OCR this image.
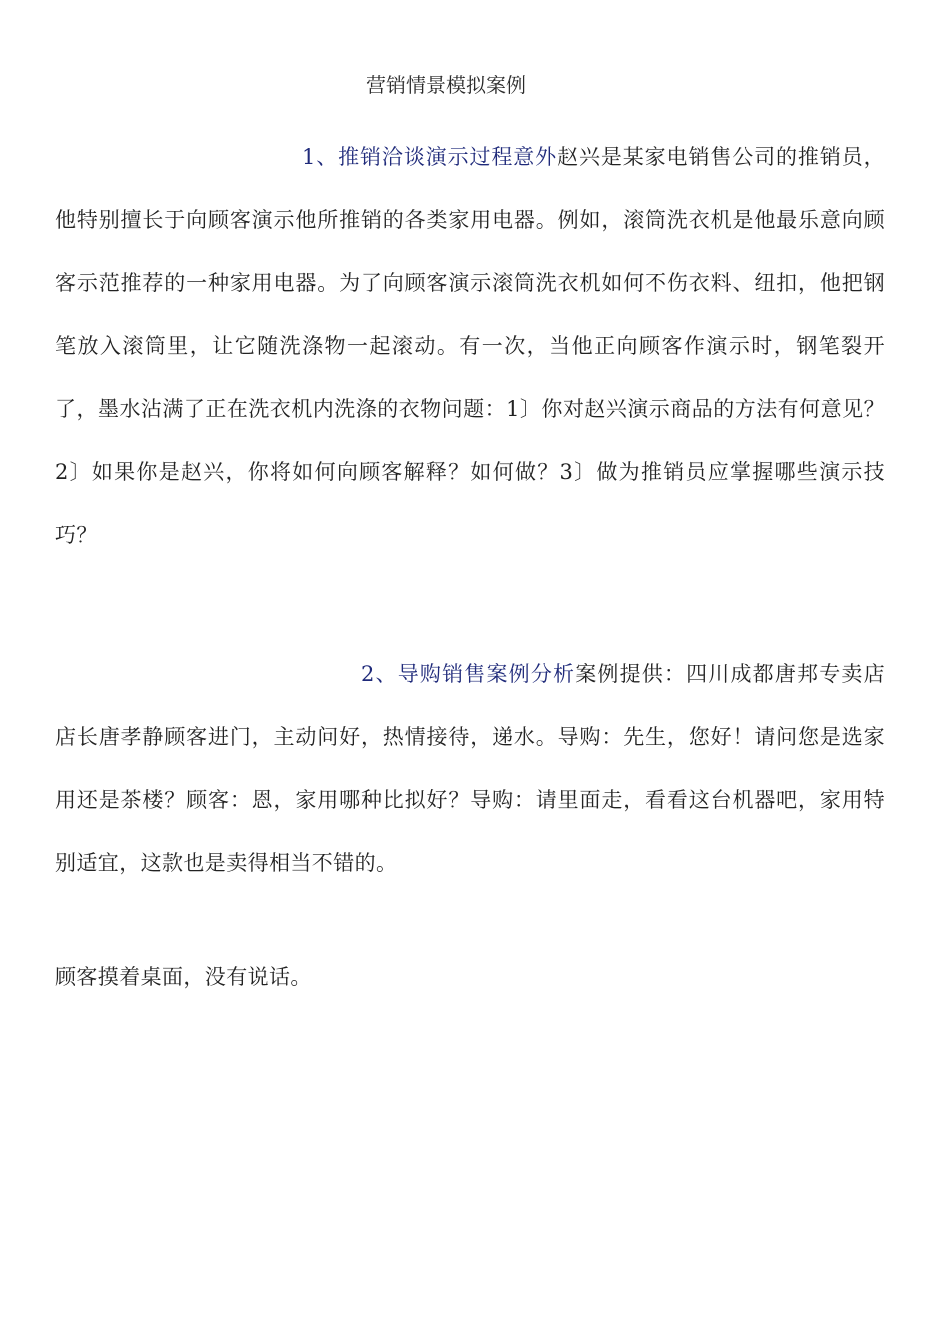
营销情景模拟案例
1、推销洽谈演示过程意外赵兴是某家电销售公司的推销员，他特别擅长于向顾客演示他所推销的各类家用电器。例如，滚筒洗衣机是他最乐意向顾客示范推荐的一种家用电器。为了向顾客演示滚筒洗衣机如何不伤衣料、纽扣，他把钢笔放入滚筒里，让它随洗涤物一起滚动。有一次，当他正向顾客作演示时，钢笔裂开了，墨水沾满了正在洗衣机内洗涤的衣物问题：1〕你对赵兴演示商品的方法有何意见？2〕如果你是赵兴，你将如何向顾客解释？如何做？3〕做为推销员应掌握哪些演示技巧？
2、导购销售案例分析案例提供：四川成都唐邦专卖店店长唐孝静顾客进门，主动问好，热情接待，递水。导购：先生，您好！请问您是选家用还是茶楼？顾客：恩，家用哪种比拟好？导购：请里面走，看看这台机器吧，家用特别适宜，这款也是卖得相当不错的。
顾客摸着桌面，没有说话。
